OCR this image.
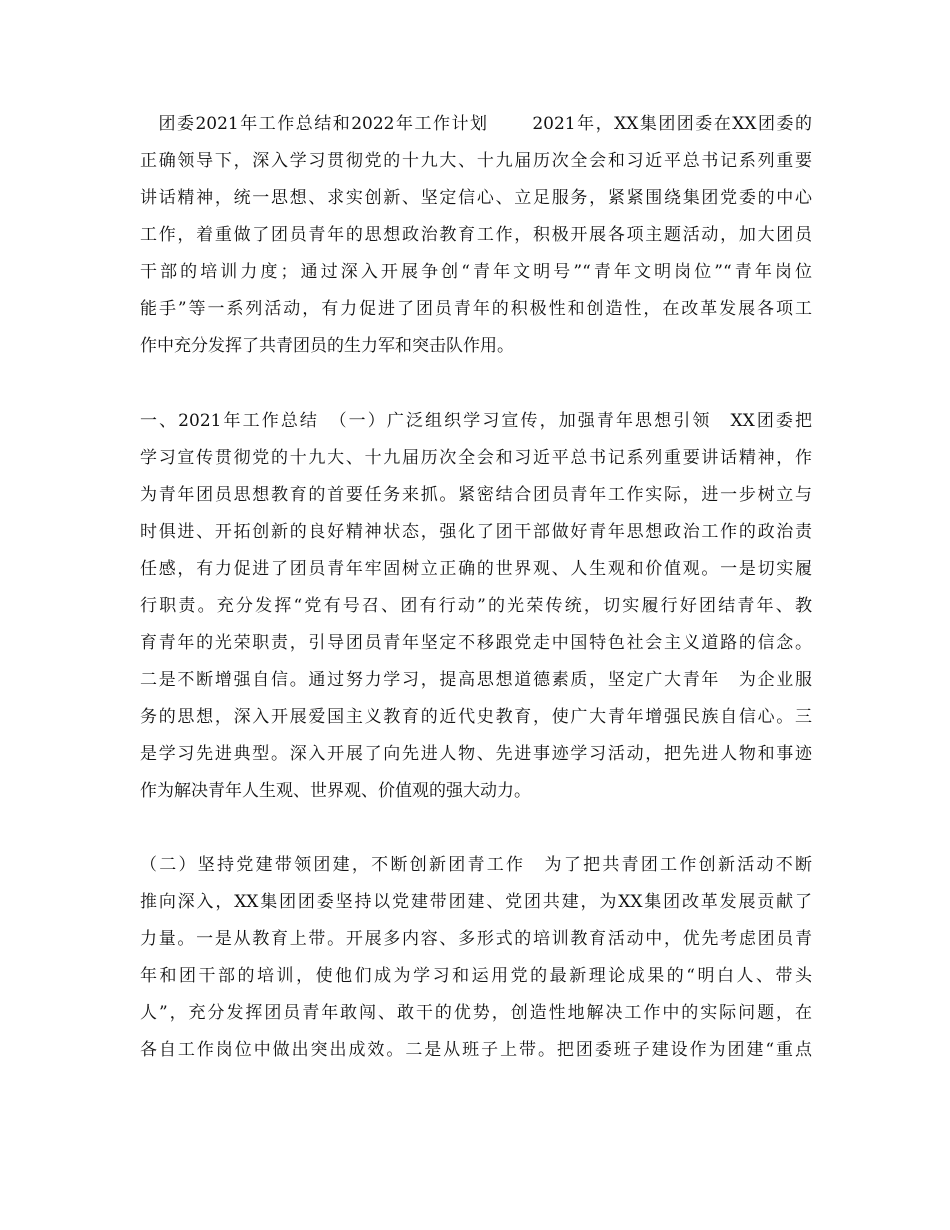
　团委2021年工作总结和2022年工作计划　　 2021年，XX集团团委在XX团委的
正确领导下，深入学习贯彻党的十九大、十九届历次全会和习近平总书记系列重要
讲话精神，统一思想、求实创新、坚定信心、立足服务，紧紧围绕集团党委的中心
工作，着重做了团员青年的思想政治教育工作，积极开展各项主题活动，加大团员
干部的培训力度；通过深入开展争创“青年文明号”“青年文明岗位”“青年岗位
能手”等一系列活动，有力促进了团员青年的积极性和创造性，在改革发展各项工
作中充分发挥了共青团员的生力军和突击队作用。
一、2021年工作总结　（一）广泛组织学习宣传，加强青年思想引领　XX团委把
学习宣传贯彻党的十九大、十九届历次全会和习近平总书记系列重要讲话精神，作
为青年团员思想教育的首要任务来抓。紧密结合团员青年工作实际，进一步树立与
时俱进、开拓创新的良好精神状态，强化了团干部做好青年思想政治工作的政治责
任感，有力促进了团员青年牢固树立正确的世界观、人生观和价值观。一是切实履
行职责。充分发挥“党有号召、团有行动”的光荣传统，切实履行好团结青年、教
育青年的光荣职责，引导团员青年坚定不移跟党走中国特色社会主义道路的信念。
二是不断增强自信。通过努力学习，提高思想道德素质，坚定广大青年　为企业服
务的思想，深入开展爱国主义教育的近代史教育，使广大青年增强民族自信心。三
是学习先进典型。深入开展了向先进人物、先进事迹学习活动，把先进人物和事迹
作为解决青年人生观、世界观、价值观的强大动力。
（二）坚持党建带领团建，不断创新团青工作　为了把共青团工作创新活动不断
推向深入，XX集团团委坚持以党建带团建、党团共建，为XX集团改革发展贡献了
力量。一是从教育上带。开展多内容、多形式的培训教育活动中，优先考虑团员青
年和团干部的培训，使他们成为学习和运用党的最新理论成果的“明白人、带头
人”，充分发挥团员青年敢闯、敢干的优势，创造性地解决工作中的实际问题，在
各自工作岗位中做出突出成效。二是从班子上带。把团委班子建设作为团建“重点
